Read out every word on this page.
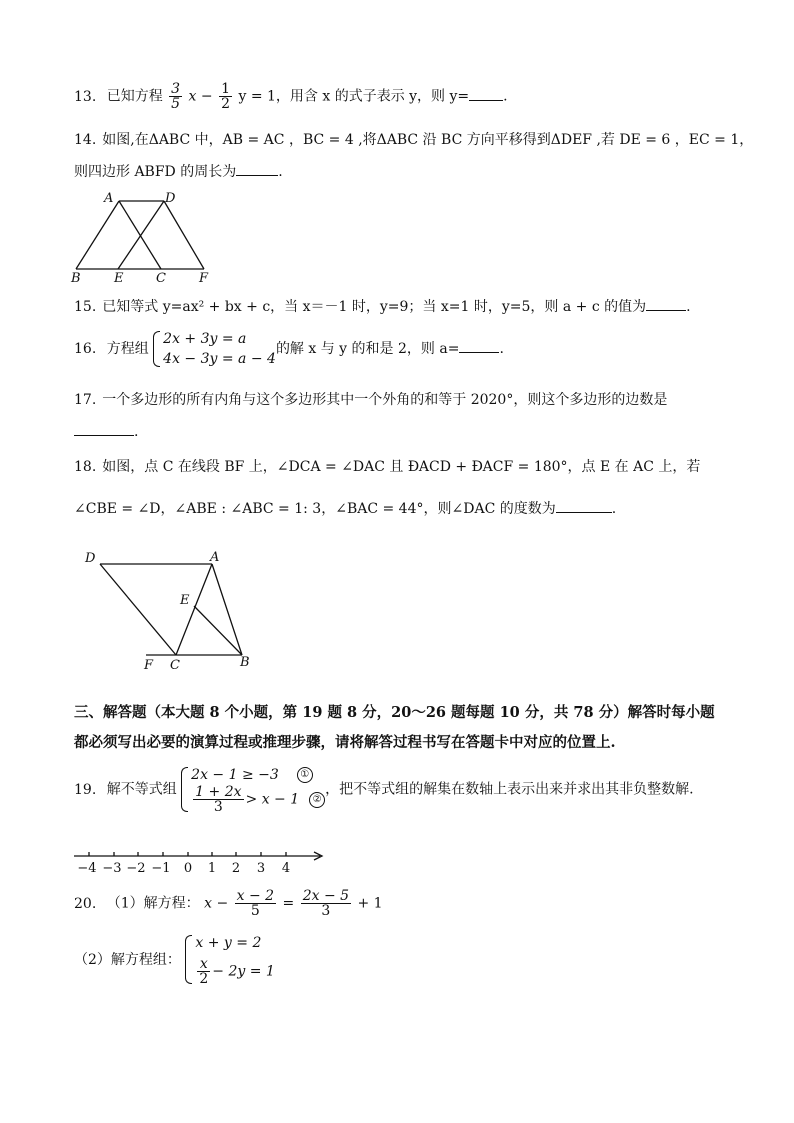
13. 已知方程 $\frac{3}{5}$ $x - \frac{1}{2}$ y = 1，用含 x 的式子表示 y，则 y= .
14. 如图,在ΔABC 中，AB = AC ，BC = 4 ,将ΔABC 沿 BC 方向平移得到ΔDEF ,若 DE = 6 ，EC = 1，
则四边形 ABFD 的周长为	.
A	D
B	E	C	F
15. 已知等式 y=ax² + bx + c，当 x＝－1 时，y=9；当 x=1 时，y=5，则 a + c 的值为	.
16. 方程组
2x + 3y = a
4x − 3y = a − 4
的解 x 与 y 的和是 2，则 a=	.
17. 一个多边形的所有内角与这个多边形其中一个外角的和等于 2020°，则这个多边形的边数是
.
18. 如图，点 C 在线段 BF 上，∠DCA = ∠DAC 且 ÐACD + ÐACF = 180°，点 E 在 AC 上，若
∠CBE = ∠D，∠ABE : ∠ABC = 1: 3，∠BAC = 44°，则∠DAC 的度数为	.
D	A
E
F C	B
三、解答题（本大题 8 个小题，第 19 题 8 分，20～26 题每题 10 分，共 78 分）解答时每小题
都必须写出必要的演算过程或推理步骤，请将解答过程书写在答题卡中对应的位置上.
19. 解不等式组
2x − 1 ≥ −3 ①
$\frac{1 + 2x}{3} > x - 1$ ②
，把不等式组的解集在数轴上表示出来并求出其非负整数解.
−4 −3 −2 −1 0 1 2 3 4
20. （1）解方程： $x - \frac{x - 2}{5} = \frac{2x - 5}{3} + 1$
（2）解方程组：
x + y = 2
$\frac{x}{2} - 2y = 1$
